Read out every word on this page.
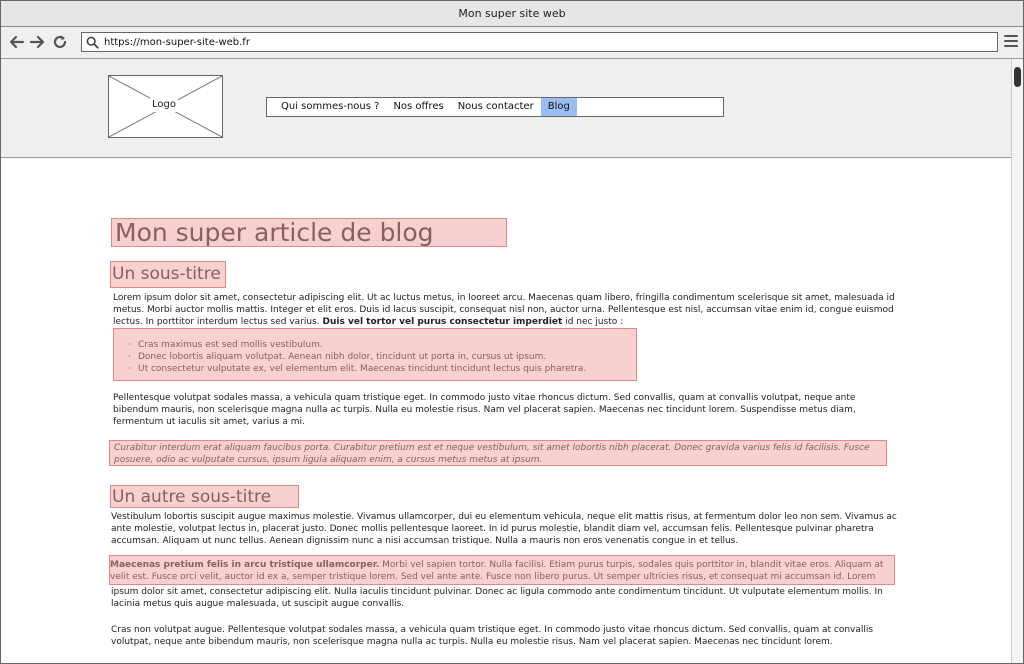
Mon super site web
https://mon-super-site-web.fr
Logo	Qui sommes-nous ?	Nos offres	Nous contacter	Blog
Mon super article de blog
Un sous-titre
Lorem ipsum dolor sit amet, consectetur adipiscing elit. Ut ac luctus metus, in looreet arcu. Maecenas quam libero, fringilla condimentum scelerisque sit amet, malesuada id metus. Morbi auctor mollis mattis. Integer et elit eros. Duis id lacus suscipit, consequat nisl non, auctor urna. Pellentesque est nisl, accumsan vitae enim id, congue euismod lectus. In porttitor interdum lectus sed varius. Duis vel tortor vel purus consectetur imperdiet id nec justo :
· Cras maximus est sed mollis vestibulum.
· Donec lobortis aliquam volutpat. Aenean nibh dolor, tincidunt ut porta in, cursus ut ipsum.
· Ut consectetur vulputate ex, vel elementum elit. Maecenas tincidunt tincidunt lectus quis pharetra.
Pellentesque volutpat sodales massa, a vehicula quam tristique eget. In commodo justo vitae rhoncus dictum. Sed convallis, quam at convallis volutpat, neque ante bibendum mauris, non scelerisque magna nulla ac turpis. Nulla eu molestie risus. Nam vel placerat sapien. Maecenas nec tincidunt lorem. Suspendisse metus diam, fermentum ut iaculis sit amet, varius a mi.
Curabitur interdum erat aliquam faucibus porta. Curabitur pretium est et neque vestibulum, sit amet lobortis nibh placerat. Donec gravida varius felis id facilisis. Fusce posuere, odio ac vulputate cursus, ipsum ligula aliquam enim, a cursus metus metus at ipsum.
Un autre sous-titre
Vestibulum lobortis suscipit augue maximus molestie. Vivamus ullamcorper, dui eu elementum vehicula, neque elit mattis risus, at fermentum dolor leo non sem. Vivamus ac ante molestie, volutpat lectus in, placerat justo. Donec mollis pellentesque laoreet. In id purus molestie, blandit diam vel, accumsan felis. Pellentesque pulvinar pharetra accumsan. Aliquam ut nunc tellus. Aenean dignissim nunc a nisi accumsan tristique. Nulla a mauris non eros venenatis congue in et tellus.
Maecenas pretium felis in arcu tristique ullamcorper. Morbi vel sapien tortor. Nulla facilisi. Etiam purus turpis, sodales quis porttitor in, blandit vitae eros. Aliquam at velit est. Fusce orci velit, auctor id ex a, semper tristique lorem. Sed vel ante ante. Fusce non libero purus. Ut semper ultricies risus, et consequat mi accumsan id. Lorem
ipsum dolor sit amet, consectetur adipiscing elit. Nulla iaculis tincidunt pulvinar. Donec ac ligula commodo ante condimentum tincidunt. Ut vulputate elementum mollis. In lacinia metus quis augue malesuada, ut suscipit augue convallis.
Cras non volutpat augue. Pellentesque volutpat sodales massa, a vehicula quam tristique eget. In commodo justo vitae rhoncus dictum. Sed convallis, quam at convallis volutpat, neque ante bibendum mauris, non scelerisque magna nulla ac turpis. Nulla eu molestie risus. Nam vel placerat sapien. Maecenas nec tincidunt lorem.
